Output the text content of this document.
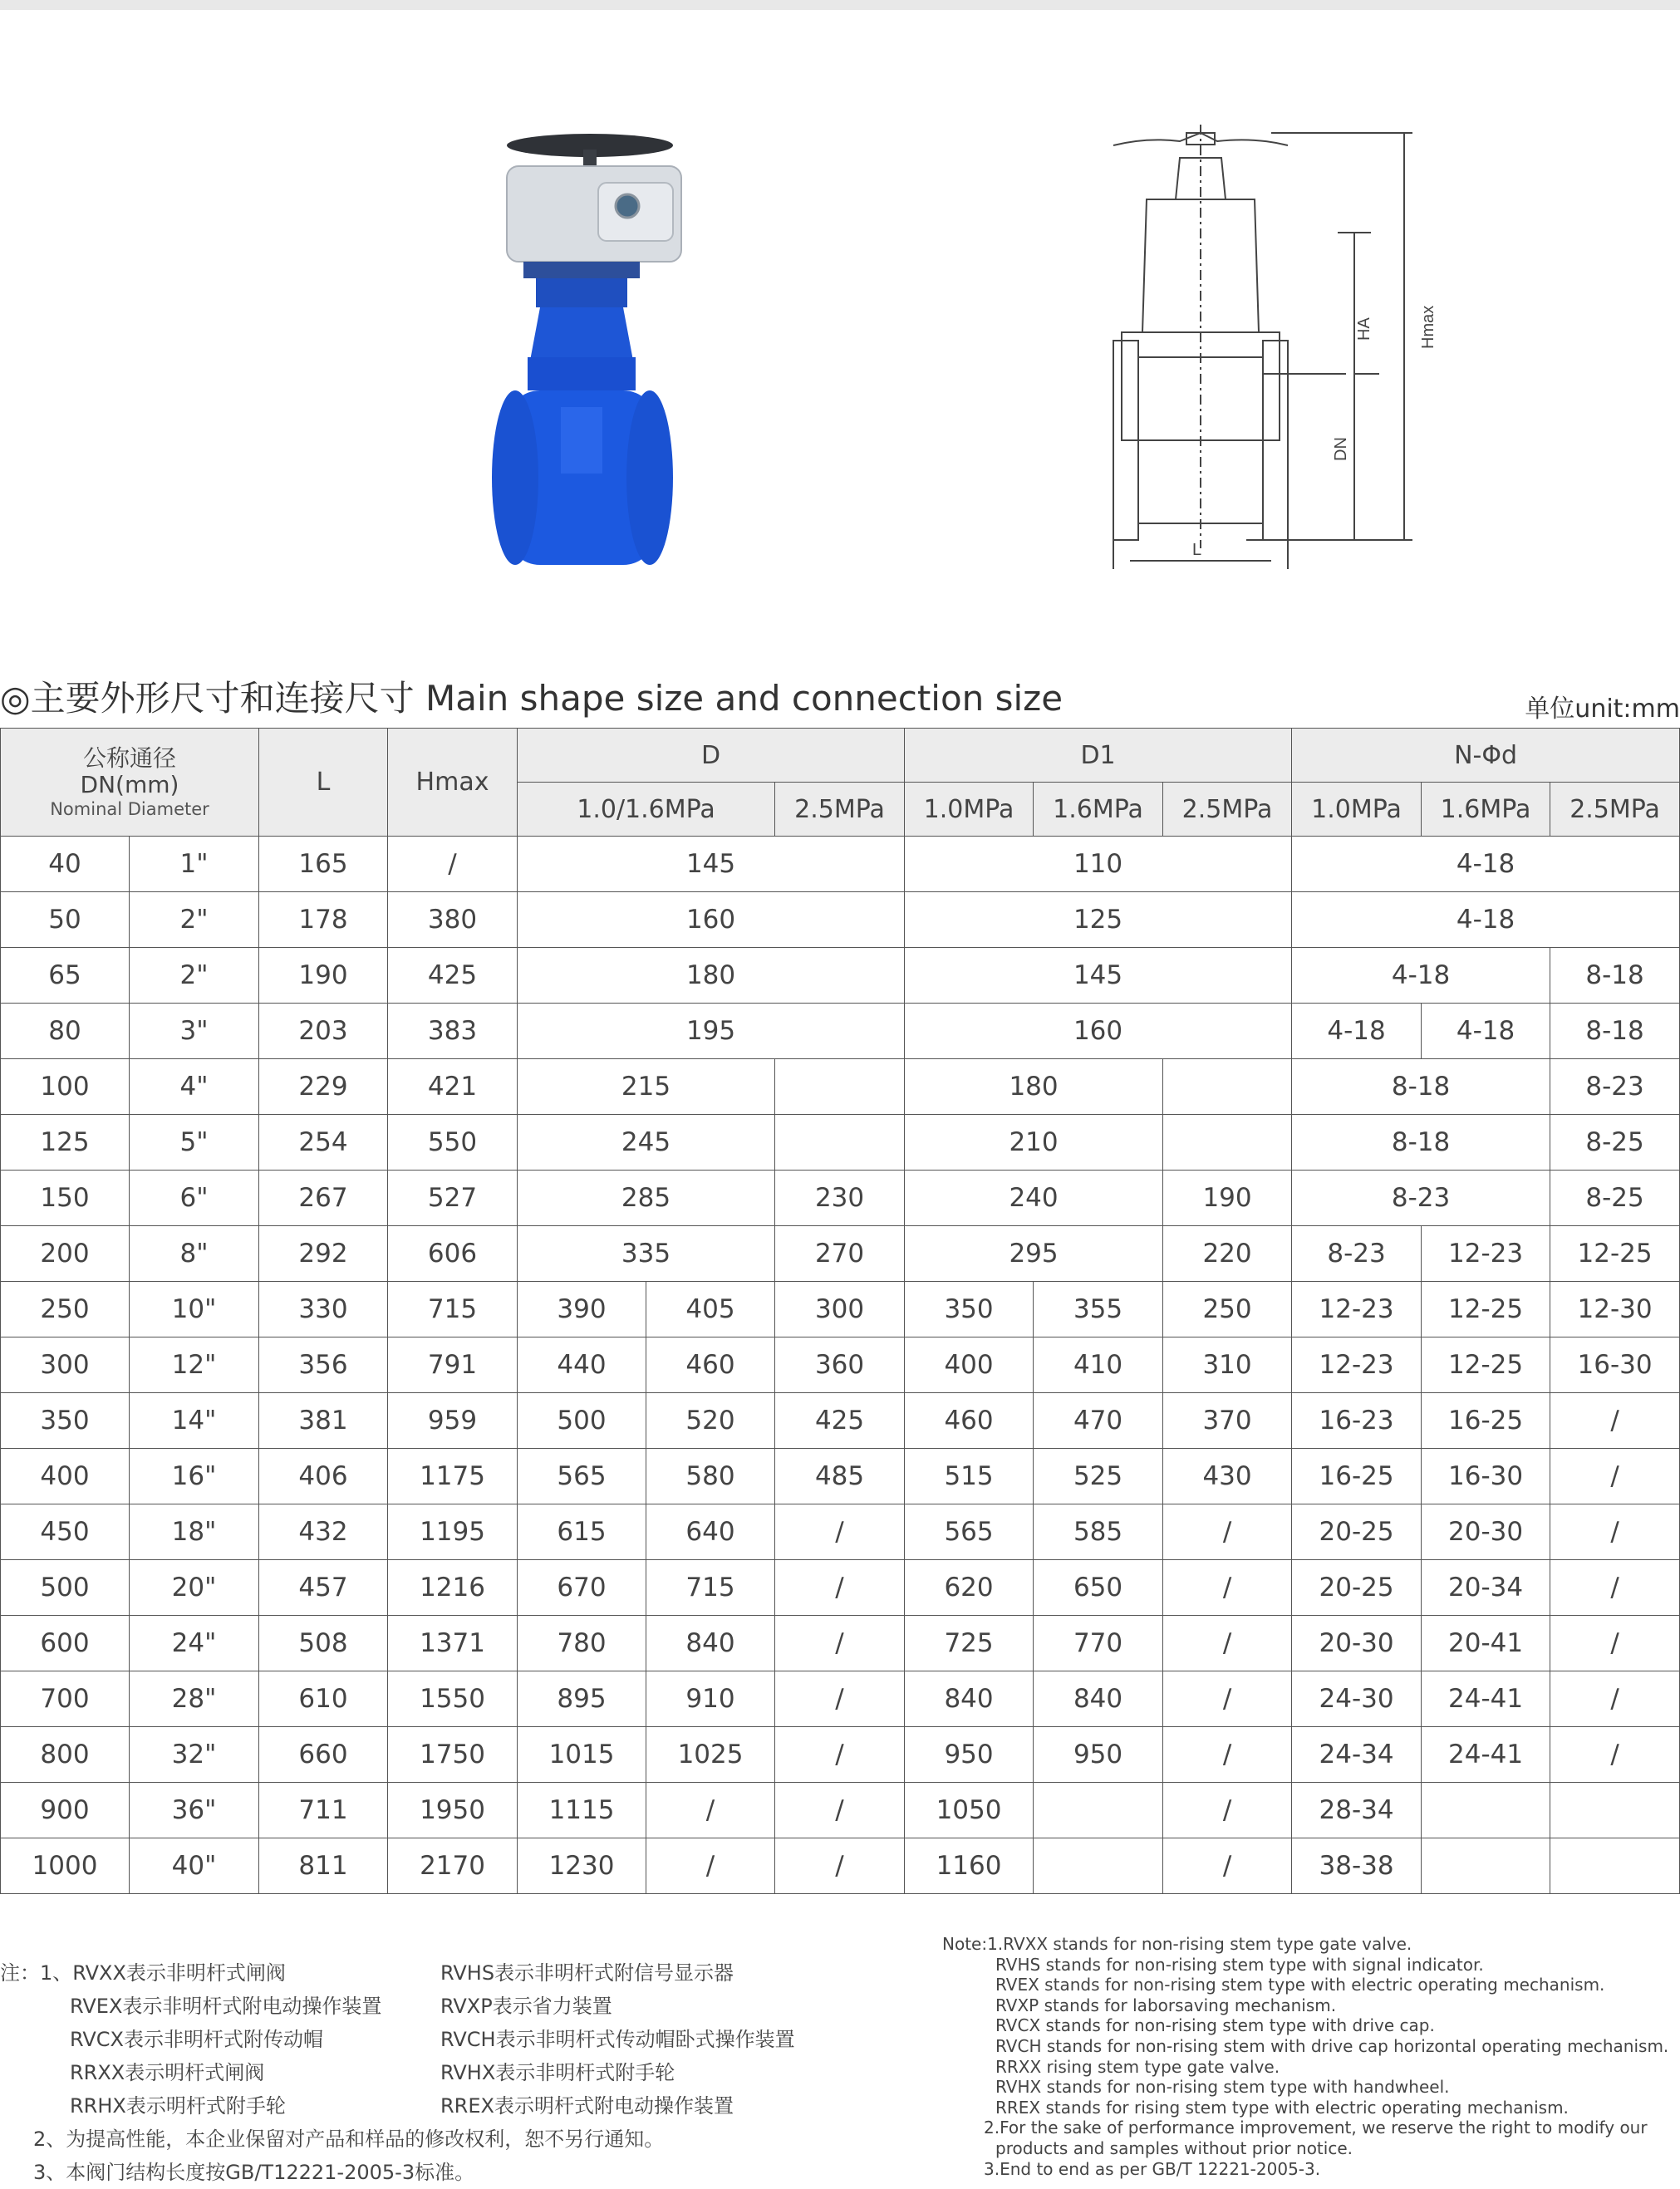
HA	Hmax
DN
L
◎主要外形尺寸和连接尺寸 Main shape size and connection size	单位unit:mm
公称通径
DN(mm)
Nominal Diameter		L	Hmax	D			D1			N-Φd		
				1.0/1.6MPa		2.5MPa	1.0MPa	1.6MPa	2.5MPa	1.0MPa	1.6MPa	2.5MPa
40	1"	165	/	145			110			4-18		
50	2"	178	380	160			125			4-18		
65	2"	190	425	180			145			4-18		8-18
80	3"	203	383	195			160			4-18	4-18	8-18
100	4"	229	421	215			180			8-18		8-23
125	5"	254	550	245			210			8-18		8-25
150	6"	267	527	285		230	240		190	8-23		8-25
200	8"	292	606	335		270	295		220	8-23	12-23	12-25
250	10"	330	715	390	405	300	350	355	250	12-23	12-25	12-30
300	12"	356	791	440	460	360	400	410	310	12-23	12-25	16-30
350	14"	381	959	500	520	425	460	470	370	16-23	16-25	/
400	16"	406	1175	565	580	485	515	525	430	16-25	16-30	/
450	18"	432	1195	615	640	/	565	585	/	20-25	20-30	/
500	20"	457	1216	670	715	/	620	650	/	20-25	20-34	/
600	24"	508	1371	780	840	/	725	770	/	20-30	20-41	/
700	28"	610	1550	895	910	/	840	840	/	24-30	24-41	/
800	32"	660	1750	1015	1025	/	950	950	/	24-34	24-41	/
900	36"	711	1950	1115	/	/	1050		/	28-34		
1000	40"	811	2170	1230	/	/	1160		/	38-38		
注：1、RVXX表示非明杆式闸阀	RVHS表示非明杆式附信号显示器
RVEX表示非明杆式附电动操作装置	RVXP表示省力装置
RVCX表示非明杆式附传动帽	RVCH表示非明杆式传动帽卧式操作装置
RRXX表示明杆式闸阀	RVHX表示非明杆式附手轮
RRHX表示明杆式附手轮	RREX表示明杆式附电动操作装置
2、为提高性能，本企业保留对产品和样品的修改权利，恕不另行通知。
3、本阀门结构长度按GB/T12221-2005-3标准。
Note:1.RVXX stands for non-rising stem type gate valve.
RVHS stands for non-rising stem type with signal indicator.
RVEX stands for non-rising stem type with electric operating mechanism.
RVXP stands for laborsaving mechanism.
RVCX stands for non-rising stem type with drive cap.
RVCH stands for non-rising stem with drive cap horizontal operating mechanism.
RRXX rising stem type gate valve.
RVHX stands for non-rising stem type with handwheel.
RREX stands for rising stem type with electric operating mechanism.
2.For the sake of performance improvement, we reserve the right to modify our
products and samples without prior notice.
3.End to end as per GB/T 12221-2005-3.
